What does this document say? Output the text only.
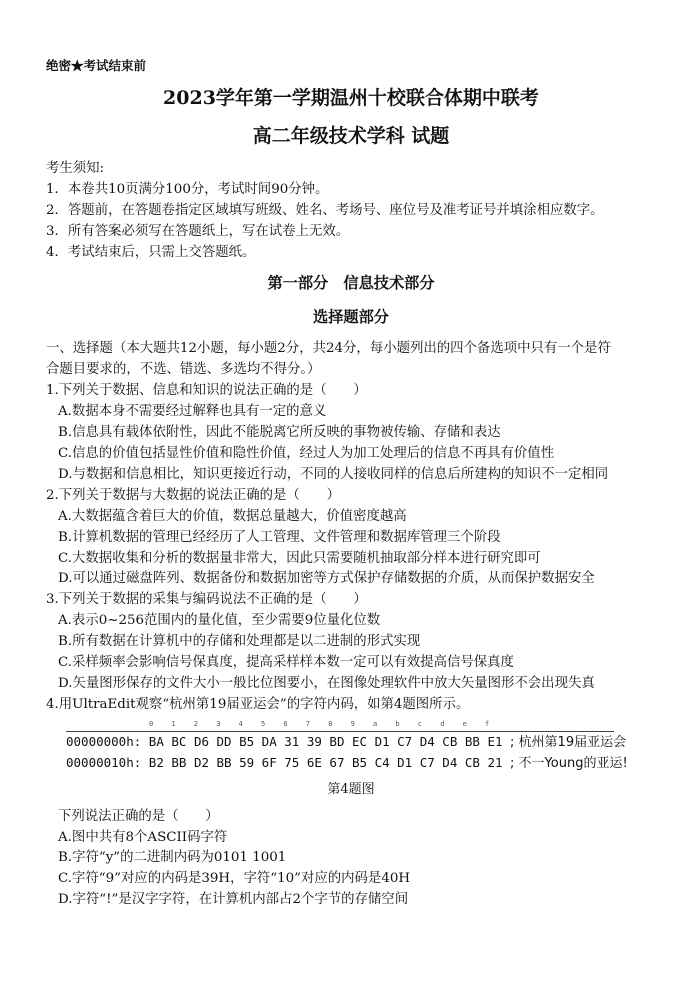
绝密★考试结束前

2023学年第一学期温州十校联合体期中联考
高二年级技术学科 试题

考生须知:

1．本卷共10页满分100分，考试时间90分钟。

2．答题前，在答题卷指定区域填写班级、姓名、考场号、座位号及准考证号并填涂相应数字。

3．所有答案必须写在答题纸上，写在试卷上无效。

4．考试结束后，只需上交答题纸。

第一部分　信息技术部分
选择题部分

一、选择题（本大题共12小题，每小题2分，共24分，每小题列出的四个备选项中只有一个是符

合题目要求的，不选、错选、多选均不得分。）

1.下列关于数据、信息和知识的说法正确的是（　　）

A.数据本身不需要经过解释也具有一定的意义

B.信息具有载体依附性，因此不能脱离它所反映的事物被传输、存储和表达

C.信息的价值包括显性价值和隐性价值，经过人为加工处理后的信息不再具有价值性

D.与数据和信息相比，知识更接近行动，不同的人接收同样的信息后所建构的知识不一定相同

2.下列关于数据与大数据的说法正确的是（　　）

A.大数据蕴含着巨大的价值，数据总量越大，价值密度越高

B.计算机数据的管理已经经历了人工管理、文件管理和数据库管理三个阶段

C.大数据收集和分析的数据量非常大，因此只需要随机抽取部分样本进行研究即可

D.可以通过磁盘阵列、数据备份和数据加密等方式保护存储数据的介质，从而保护数据安全

3.下列关于数据的采集与编码说法不正确的是（　　）

A.表示0~256范围内的量化值，至少需要9位量化位数

B.所有数据在计算机中的存储和处理都是以二进制的形式实现

C.采样频率会影响信号保真度，提高采样样本数一定可以有效提高信号保真度

D.矢量图形保存的文件大小一般比位图要小，在图像处理软件中放大矢量图形不会出现失真

4.用UltraEdit观察“杭州第19届亚运会”的字符内码，如第4题图所示。

0	1	2	3	4	5	6	7	8	9	a	b	c	d	e	f
00000000h: BA BC D6 DD B5 DA 31 39 BD EC D1 C7 D4 CB BB E1 ; 杭州第19届亚运会
00000010h: B2 BB D2 BB 59 6F 75 6E 67 B5 C4 D1 C7 D4 CB 21 ; 不一Young的亚运!
第4题图

下列说法正确的是（　　）

A.图中共有8个ASCII码字符

B.字符“y”的二进制内码为0101 1001

C.字符“9”对应的内码是39H，字符“10”对应的内码是40H

D.字符“!”是汉字字符，在计算机内部占2个字节的存储空间
